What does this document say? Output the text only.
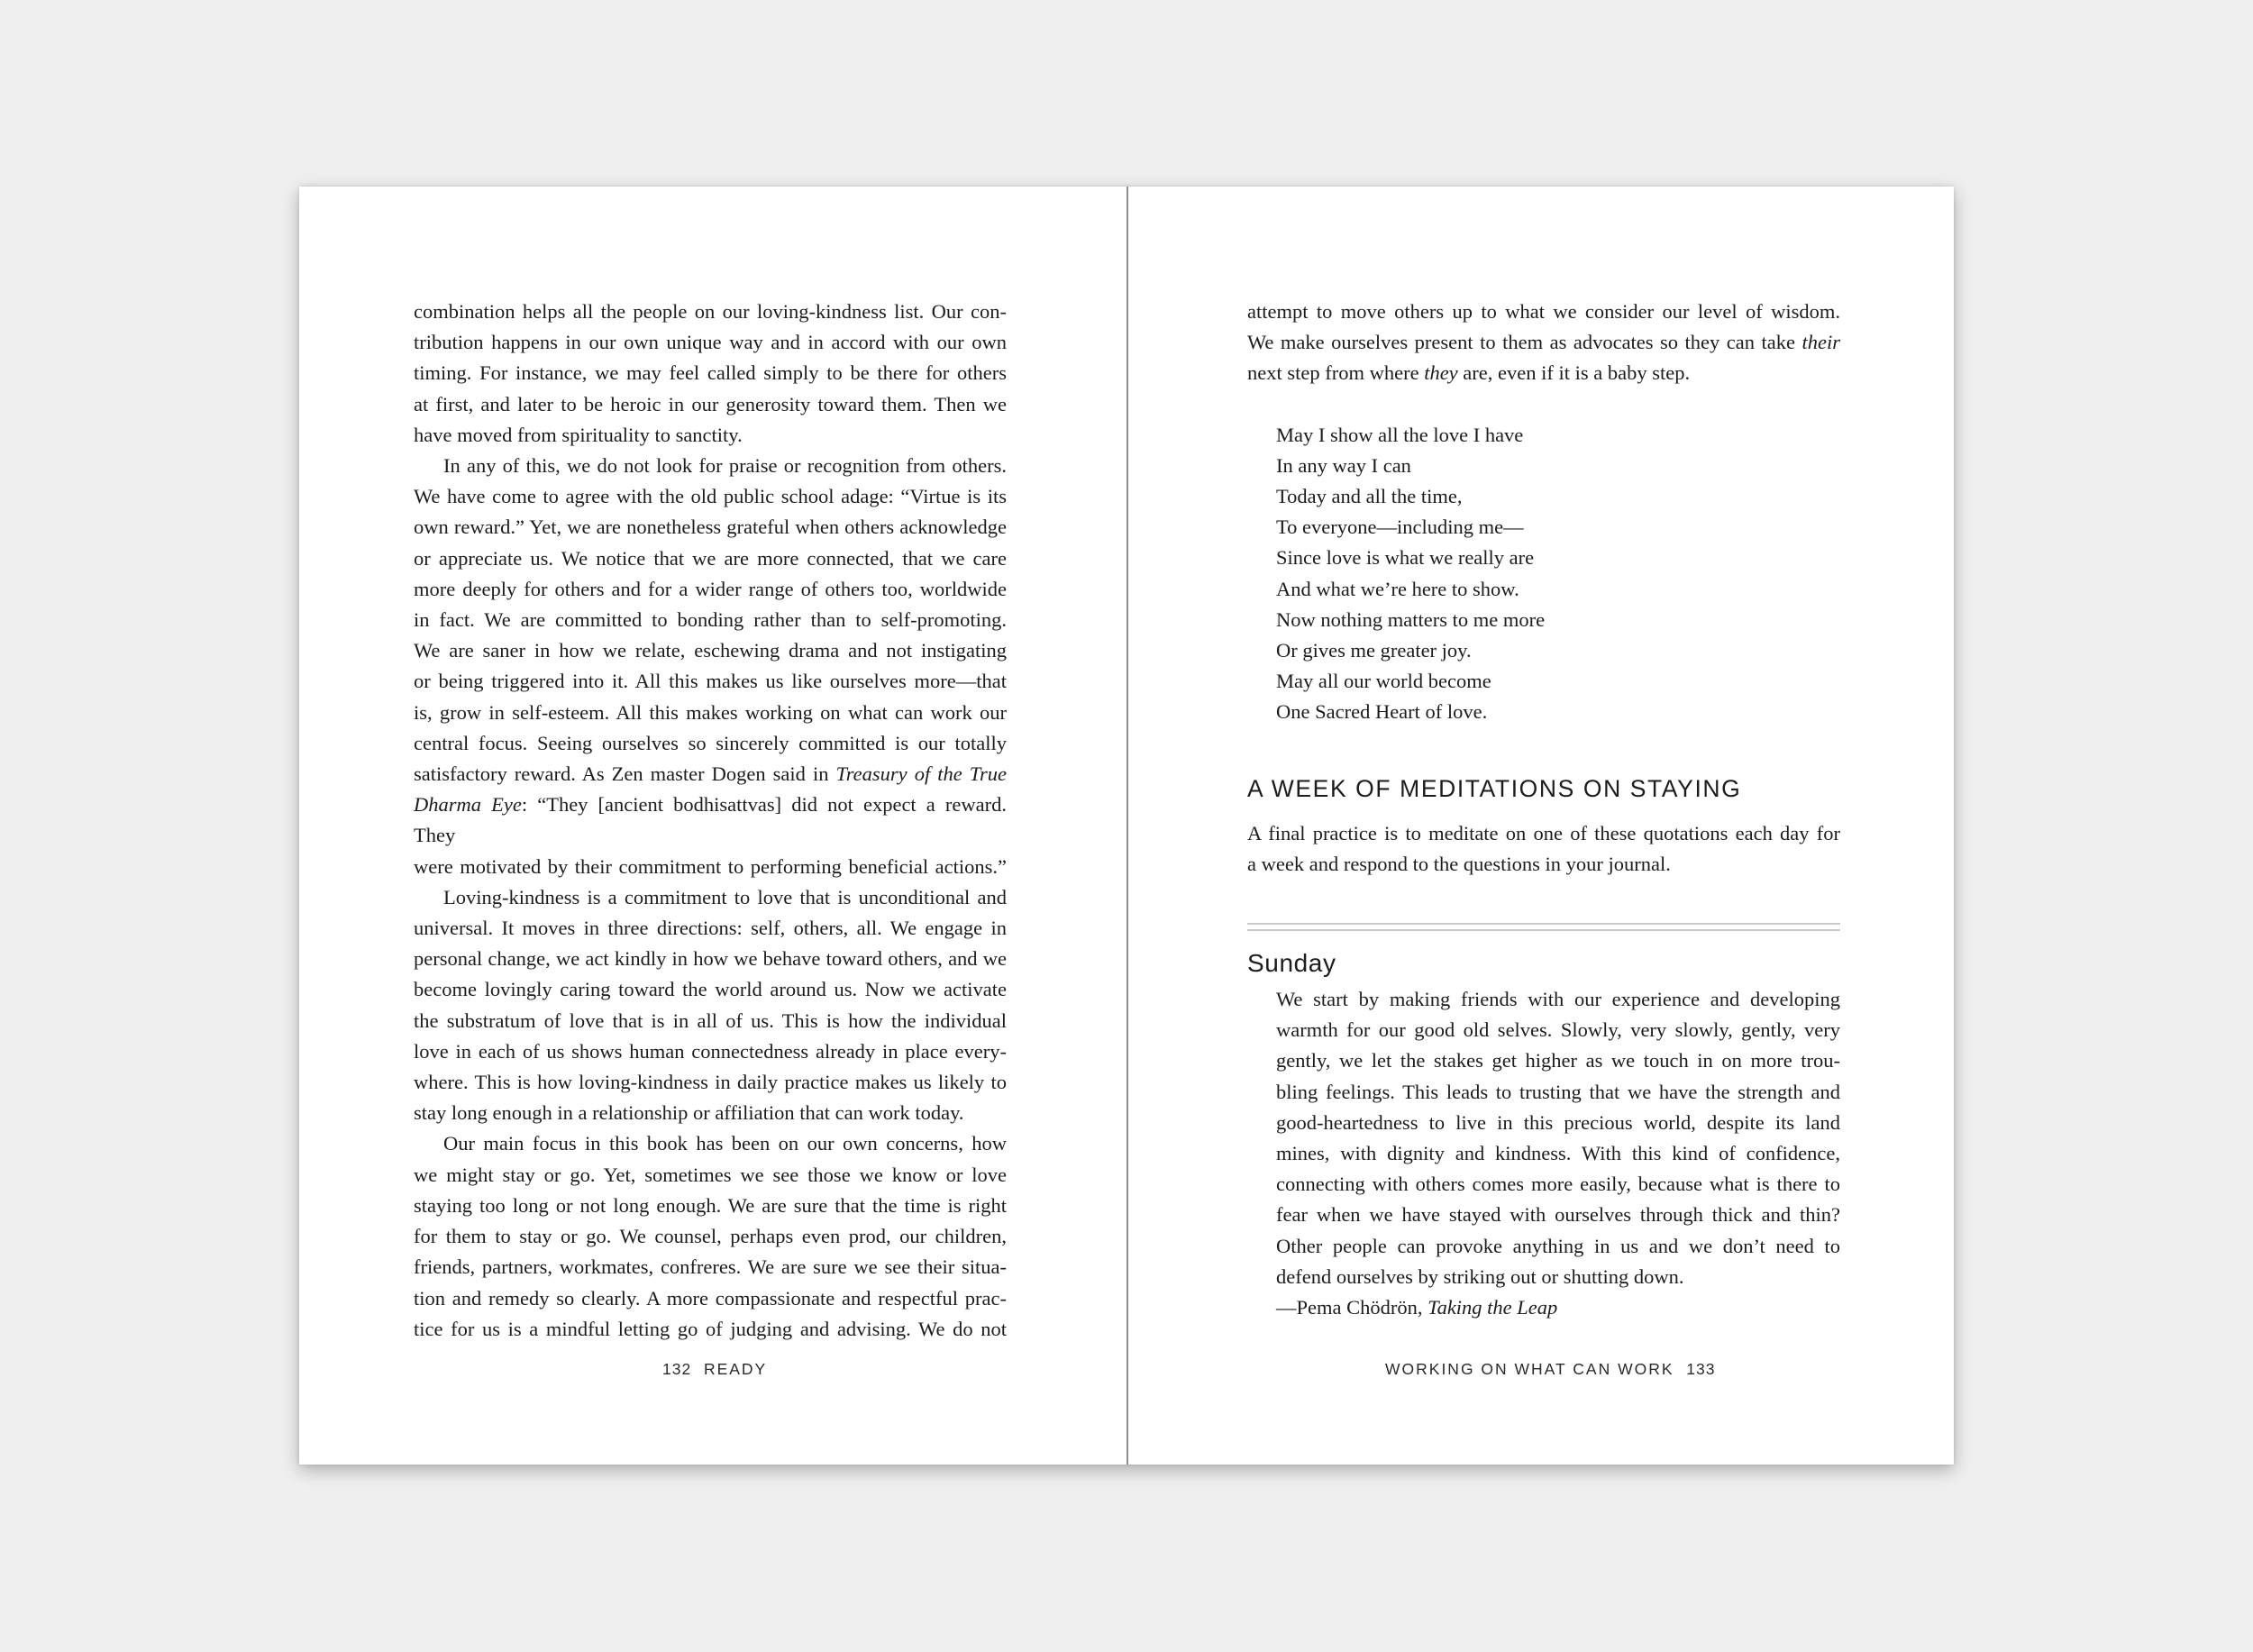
combination helps all the people on our loving-kindness list. Our con-

tribution happens in our own unique way and in accord with our own

timing. For instance, we may feel called simply to be there for others

at first, and later to be heroic in our generosity toward them. Then we

have moved from spirituality to sanctity.

In any of this, we do not look for praise or recognition from others.

We have come to agree with the old public school adage: “Virtue is its

own reward.” Yet, we are nonetheless grateful when others acknowledge

or appreciate us. We notice that we are more connected, that we care

more deeply for others and for a wider range of others too, worldwide

in fact. We are committed to bonding rather than to self-promoting.

We are saner in how we relate, eschewing drama and not instigating

or being triggered into it. All this makes us like ourselves more—that

is, grow in self-esteem. All this makes working on what can work our

central focus. Seeing ourselves so sincerely committed is our totally

satisfactory reward. As Zen master Dogen said in Treasury of the True

Dharma Eye: “They [ancient bodhisattvas] did not expect a reward. They

were motivated by their commitment to performing beneficial actions.”

Loving-kindness is a commitment to love that is unconditional and

universal. It moves in three directions: self, others, all. We engage in

personal change, we act kindly in how we behave toward others, and we

become lovingly caring toward the world around us. Now we activate

the substratum of love that is in all of us. This is how the individual

love in each of us shows human connectedness already in place every-

where. This is how loving-kindness in daily practice makes us likely to

stay long enough in a relationship or affiliation that can work today.

Our main focus in this book has been on our own concerns, how

we might stay or go. Yet, sometimes we see those we know or love

staying too long or not long enough. We are sure that the time is right

for them to stay or go. We counsel, perhaps even prod, our children,

friends, partners, workmates, confreres. We are sure we see their situa-

tion and remedy so clearly. A more compassionate and respectful prac-

tice for us is a mindful letting go of judging and advising. We do not

132 READY

attempt to move others up to what we consider our level of wisdom.

We make ourselves present to them as advocates so they can take their

next step from where they are, even if it is a baby step.

May I show all the love I have
In any way I can
Today and all the time,
To everyone—including me—
Since love is what we really are
And what we’re here to show.
Now nothing matters to me more
Or gives me greater joy.
May all our world become
One Sacred Heart of love.
A WEEK OF MEDITATIONS ON STAYING

A final practice is to meditate on one of these quotations each day for

a week and respond to the questions in your journal.

Sunday

We start by making friends with our experience and developing

warmth for our good old selves. Slowly, very slowly, gently, very

gently, we let the stakes get higher as we touch in on more trou-

bling feelings. This leads to trusting that we have the strength and

good-heartedness to live in this precious world, despite its land

mines, with dignity and kindness. With this kind of confidence,

connecting with others comes more easily, because what is there to

fear when we have stayed with ourselves through thick and thin?

Other people can provoke anything in us and we don’t need to

defend ourselves by striking out or shutting down.

—Pema Chödrön, Taking the Leap
WORKING ON WHAT CAN WORK 133
